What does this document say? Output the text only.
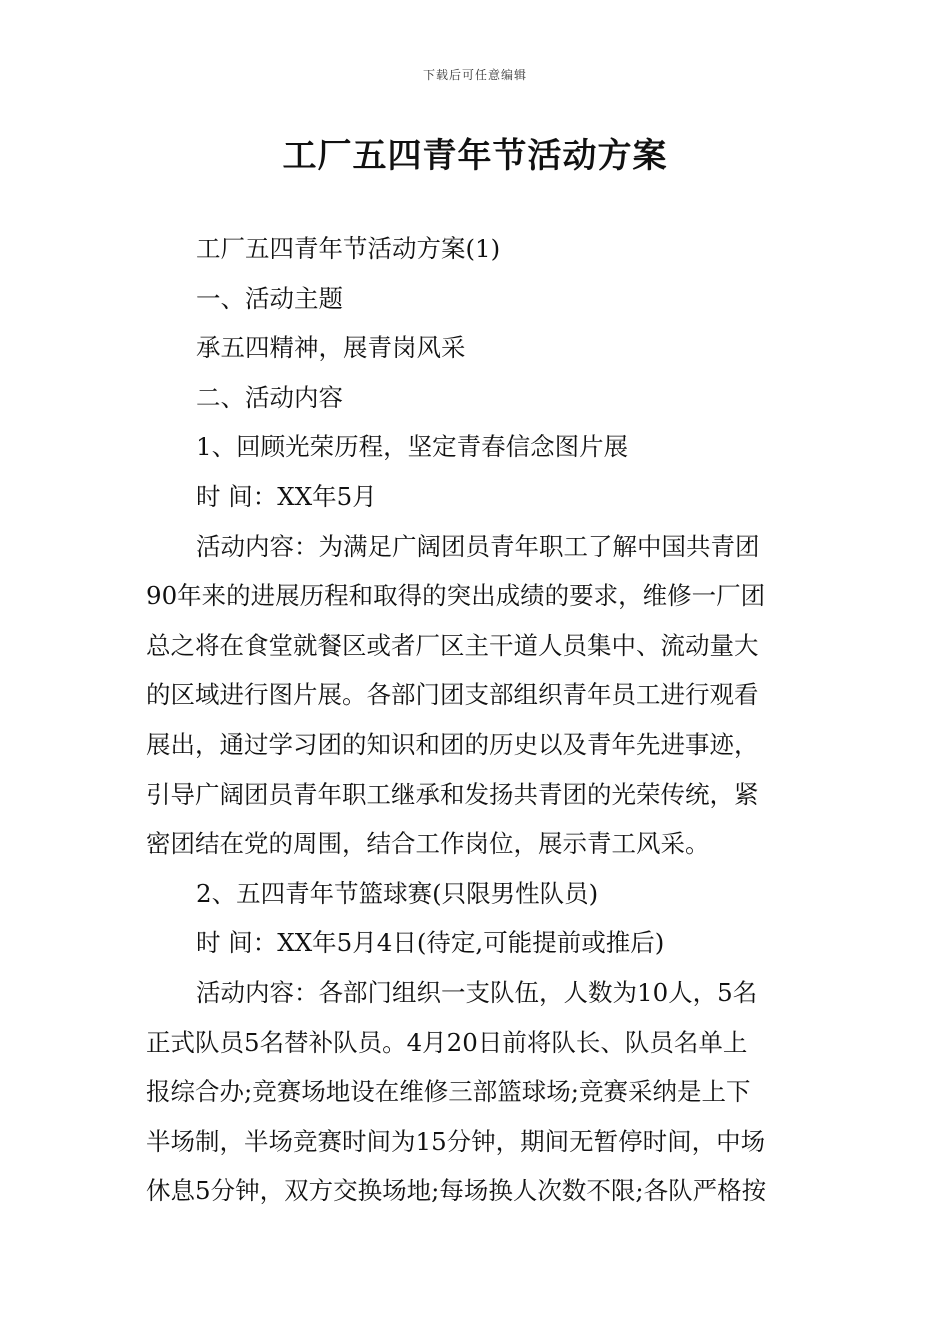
下载后可任意编辑
工厂五四青年节活动方案
工厂五四青年节活动方案(1)
一、活动主题
承五四精神，展青岗风采
二、活动内容
1、回顾光荣历程，坚定青春信念图片展
时 间：XX年5月
活动内容：为满足广阔团员青年职工了解中国共青团
90年来的进展历程和取得的突出成绩的要求，维修一厂团
总之将在食堂就餐区或者厂区主干道人员集中、流动量大
的区域进行图片展。各部门团支部组织青年员工进行观看
展出，通过学习团的知识和团的历史以及青年先进事迹，
引导广阔团员青年职工继承和发扬共青团的光荣传统，紧
密团结在党的周围，结合工作岗位，展示青工风采。
2、五四青年节篮球赛(只限男性队员)
时 间：XX年5月4日(待定,可能提前或推后)
活动内容：各部门组织一支队伍，人数为10人，5名
正式队员5名替补队员。4月20日前将队长、队员名单上
报综合办;竞赛场地设在维修三部篮球场;竞赛采纳是上下
半场制，半场竞赛时间为15分钟，期间无暂停时间，中场
休息5分钟，双方交换场地;每场换人次数不限;各队严格按
